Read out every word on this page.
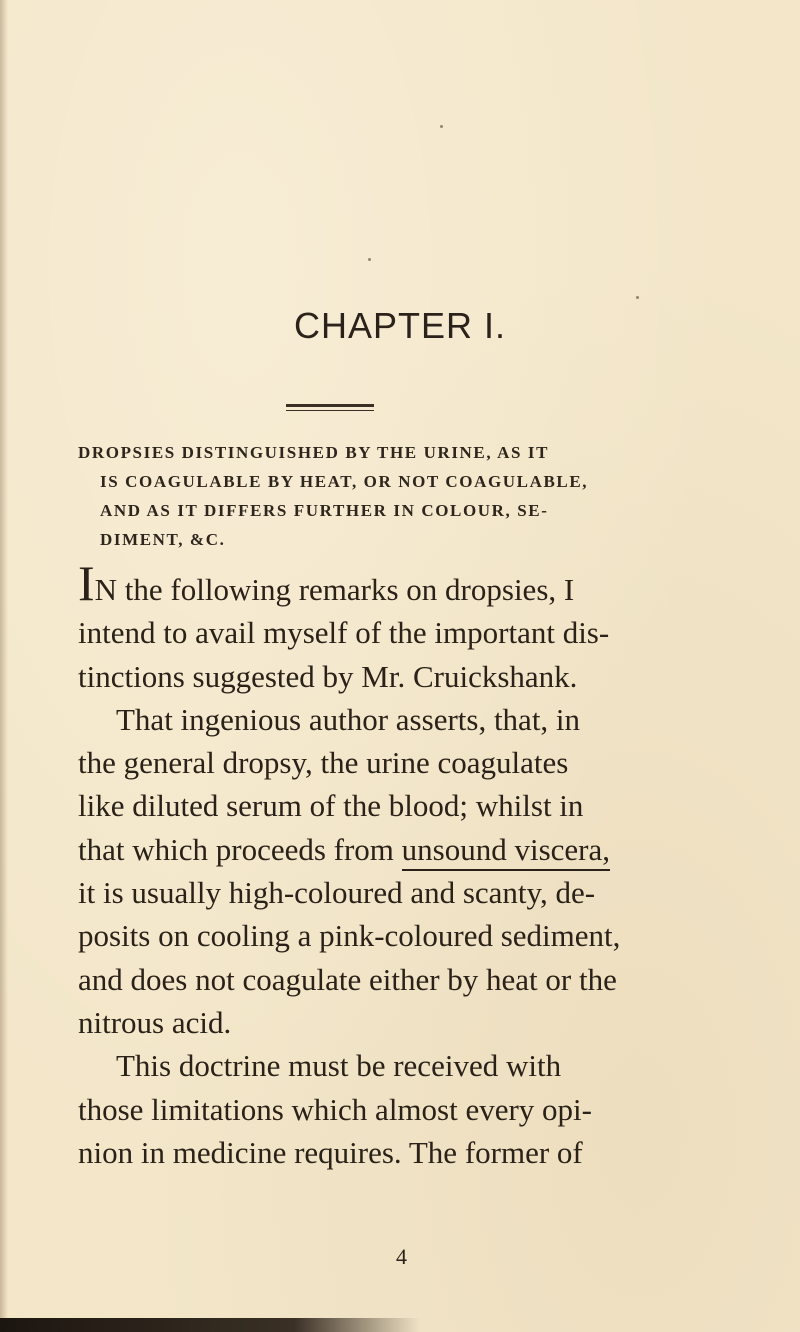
CHAPTER I.
DROPSIES DISTINGUISHED BY THE URINE, AS IT
IS COAGULABLE BY HEAT, OR NOT COAGULABLE,
AND AS IT DIFFERS FURTHER IN COLOUR, SE-
DIMENT, &C.
IN the following remarks on dropsies, I
intend to avail myself of the important dis-
tinctions suggested by Mr. Cruickshank.
That ingenious author asserts, that, in
the general dropsy, the urine coagulates
like diluted serum of the blood; whilst in
that which proceeds from unsound viscera,
it is usually high-coloured and scanty, de-
posits on cooling a pink-coloured sediment,
and does not coagulate either by heat or the
nitrous acid.
This doctrine must be received with
those limitations which almost every opi-
nion in medicine requires. The former of
4
